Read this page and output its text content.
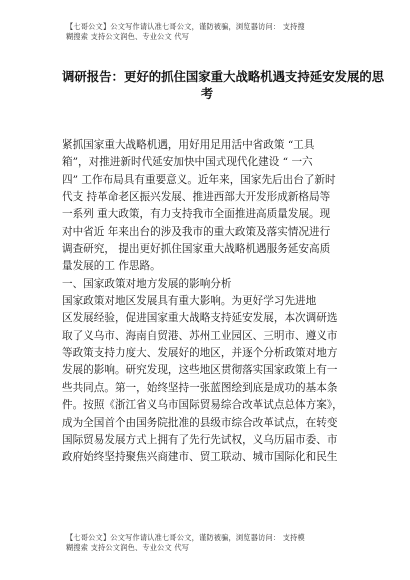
【七哥公文】公文写作请认准七哥公文，谨防被骗，浏览器访问： 支持搜
糊搜索 支持公文润色、专业公文 代写
调研报告：更好的抓住国家重大战略机遇支持延安发展的思
考
紧抓国家重大战略机遇，用好用足用活中省政策 “工具
箱”，对推进新时代延安加快中国式现代化建设 “ 一六
四” 工作布局具有重要意义。近年来，国家先后出台了新时
代支 持革命老区振兴发展、推进西部大开发形成新格局等
一系列 重大政策，有力支持我市全面推进高质量发展。现
对中省近 年来出台的涉及我市的重大政策及落实情况进行
调查研究， 提出更好抓住国家重大战略机遇服务延安高质
量发展的工 作思路。
一、国家政策对地方发展的影响分析
国家政策对地区发展具有重大影响。为更好学习先进地
区发展经验，促进国家重大战略支持延安发展，本次调研选
取了义乌市、海南自贸港、苏州工业园区、三明市、遵义市
等政策支持力度大、发展好的地区，并逐个分析政策对地方
发展的影响。研究发现，这些地区贯彻落实国家政策上有一
些共同点。第一，始终坚持一张蓝图绘到底是成功的基本条
件。按照《浙江省义乌市国际贸易综合改革试点总体方案》，
成为全国首个由国务院批准的县级市综合改革试点，在转变
国际贸易发展方式上拥有了先行先试权，义乌历届市委、市
政府始终坚持聚焦兴商建市、贸工联动、城市国际化和民生
【七哥公文】公文写作请认准七哥公文，谨防被骗，浏览器访问： 支持模
糊搜索 支持公文润色、专业公文 代写
